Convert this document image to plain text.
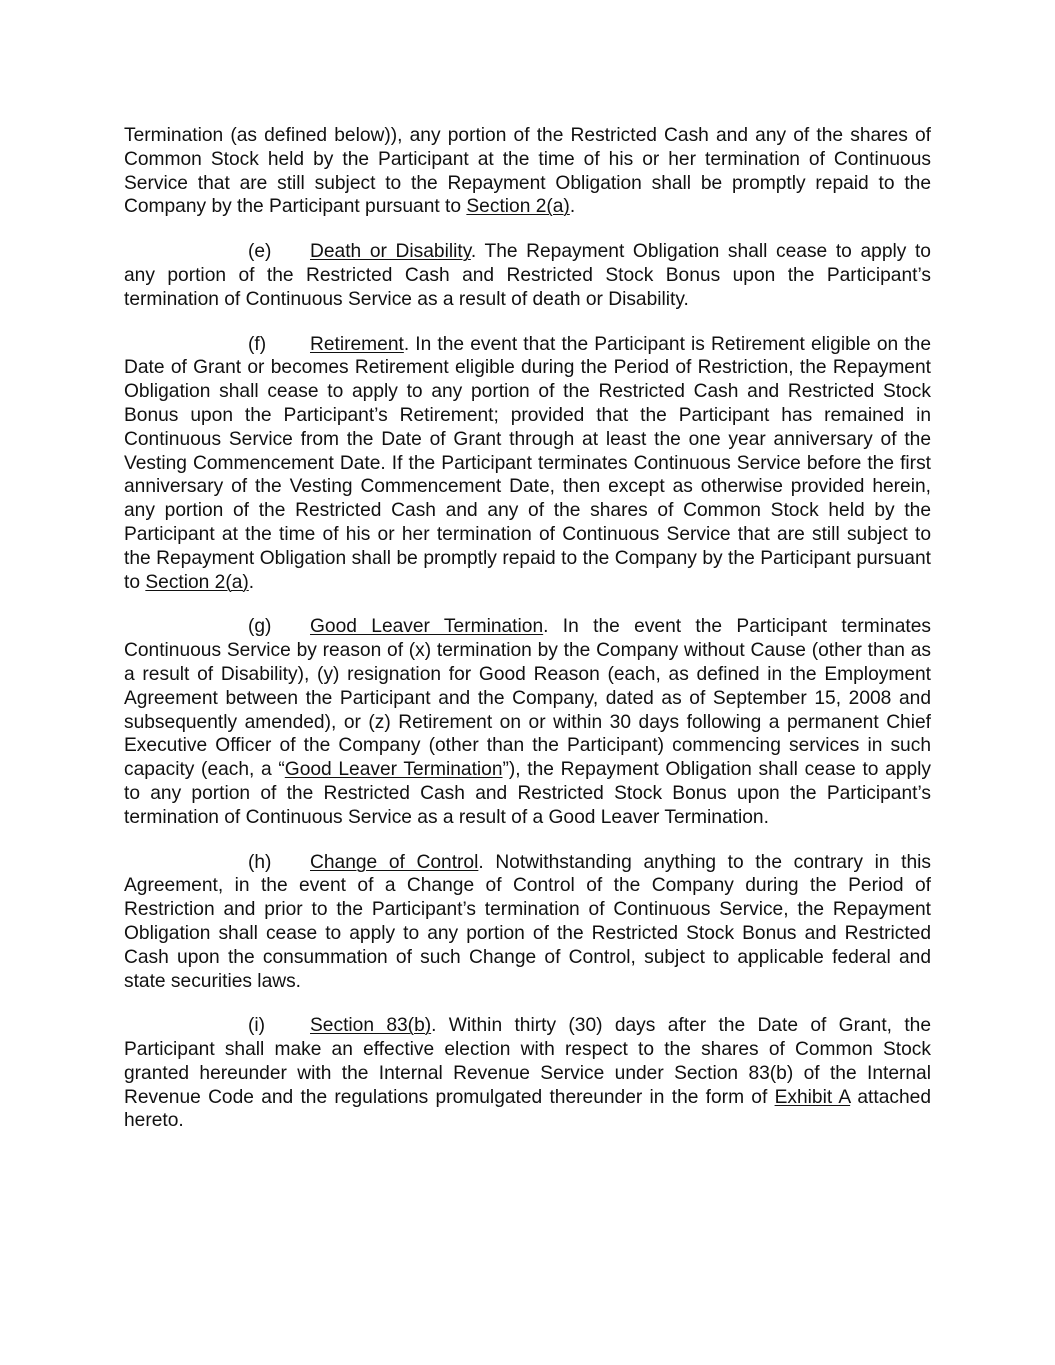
Termination (as defined below)), any portion of the Restricted Cash and any of the shares of Common Stock held by the Participant at the time of his or her termination of Continuous Service that are still subject to the Repayment Obligation shall be promptly repaid to the Company by the Participant pursuant to Section 2(a).

(e) Death or Disability. The Repayment Obligation shall cease to apply to any portion of the Restricted Cash and Restricted Stock Bonus upon the Participant’s termination of Continuous Service as a result of death or Disability.

(f) Retirement. In the event that the Participant is Retirement eligible on the Date of Grant or becomes Retirement eligible during the Period of Restriction, the Repayment Obligation shall cease to apply to any portion of the Restricted Cash and Restricted Stock Bonus upon the Participant’s Retirement; provided that the Participant has remained in Continuous Service from the Date of Grant through at least the one year anniversary of the Vesting Commencement Date. If the Participant terminates Continuous Service before the first anniversary of the Vesting Commencement Date, then except as otherwise provided herein, any portion of the Restricted Cash and any of the shares of Common Stock held by the Participant at the time of his or her termination of Continuous Service that are still subject to the Repayment Obligation shall be promptly repaid to the Company by the Participant pursuant to Section 2(a).

(g) Good Leaver Termination. In the event the Participant terminates Continuous Service by reason of (x) termination by the Company without Cause (other than as a result of Disability), (y) resignation for Good Reason (each, as defined in the Employment Agreement between the Participant and the Company, dated as of September 15, 2008 and subsequently amended), or (z) Retirement on or within 30 days following a permanent Chief Executive Officer of the Company (other than the Participant) commencing services in such capacity (each, a “Good Leaver Termination”), the Repayment Obligation shall cease to apply to any portion of the Restricted Cash and Restricted Stock Bonus upon the Participant’s termination of Continuous Service as a result of a Good Leaver Termination.

(h) Change of Control. Notwithstanding anything to the contrary in this Agreement, in the event of a Change of Control of the Company during the Period of Restriction and prior to the Participant’s termination of Continuous Service, the Repayment Obligation shall cease to apply to any portion of the Restricted Stock Bonus and Restricted Cash upon the consummation of such Change of Control, subject to applicable federal and state securities laws.

(i) Section 83(b). Within thirty (30) days after the Date of Grant, the Participant shall make an effective election with respect to the shares of Common Stock granted hereunder with the Internal Revenue Service under Section 83(b) of the Internal Revenue Code and the regulations promulgated thereunder in the form of Exhibit A attached hereto.
